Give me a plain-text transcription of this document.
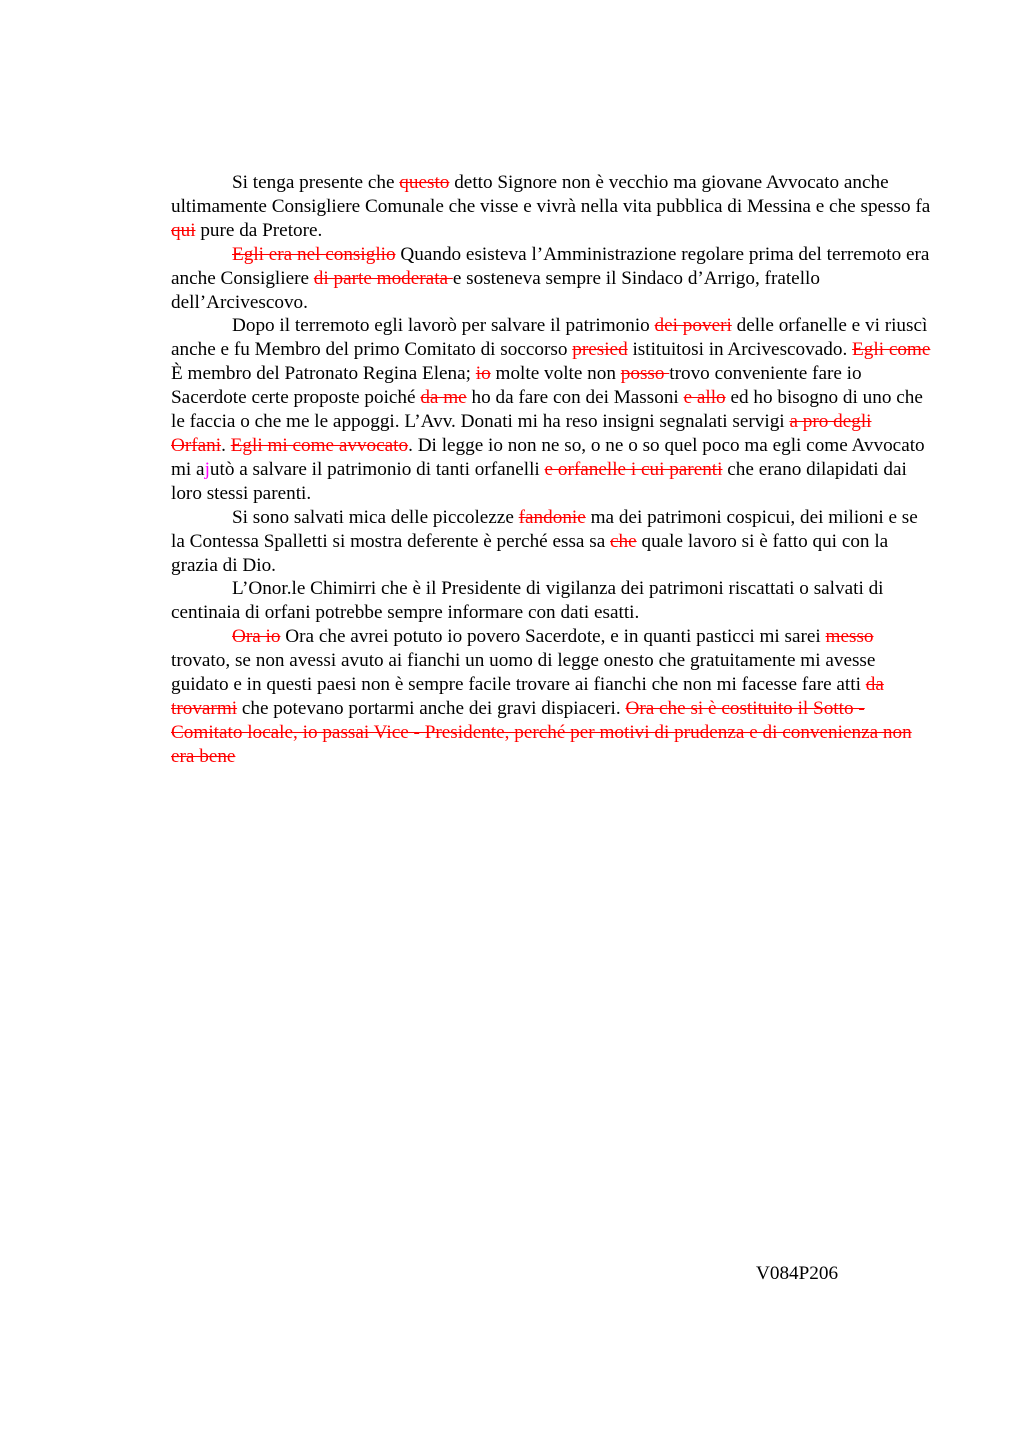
Si tenga presente che questo detto Signore non è vecchio ma giovane Avvocato anche ultimamente Consigliere Comunale che visse e vivrà nella vita pubblica di Messina e che spesso fa qui pure da Pretore.

Egli era nel consiglio Quando esisteva l’Amministrazione regolare prima del terremoto era anche Consigliere di parte moderata e sosteneva sempre il Sindaco d’Arrigo, fratello dell’Arcivescovo.

Dopo il terremoto egli lavorò per salvare il patrimonio dei poveri delle orfanelle e vi riuscì anche e fu Membro del primo Comitato di soccorso presied istituitosi in Arcivescovado. Egli come È membro del Patronato Regina Elena; io molte volte non posso trovo conveniente fare io Sacerdote certe proposte poiché da me ho da fare con dei Massoni e allo ed ho bisogno di uno che le faccia o che me le appoggi. L’Avv. Donati mi ha reso insigni segnalati servigi a pro degli Orfani. Egli mi come avvocato. Di legge io non ne so, o ne o so quel poco ma egli come Avvocato mi ajutò a salvare il patrimonio di tanti orfanelli e orfanelle i cui parenti che erano dilapidati dai loro stessi parenti.

Si sono salvati mica delle piccolezze fandonie ma dei patrimoni cospicui, dei milioni e se la Contessa Spalletti si mostra deferente è perché essa sa che quale lavoro si è fatto qui con la grazia di Dio.

L’Onor.le Chimirri che è il Presidente di vigilanza dei patrimoni riscattati o salvati di centinaia di orfani potrebbe sempre informare con dati esatti.

Ora io Ora che avrei potuto io povero Sacerdote, e in quanti pasticci mi sarei messo trovato, se non avessi avuto ai fianchi un uomo di legge onesto che gratuitamente mi avesse guidato e in questi paesi non è sempre facile trovare ai fianchi che non mi facesse fare atti da trovarmi che potevano portarmi anche dei gravi dispiaceri. Ora che si è costituito il Sotto - Comitato locale, io passai Vice - Presidente, perché per motivi di prudenza e di convenienza non era bene

V084P206
